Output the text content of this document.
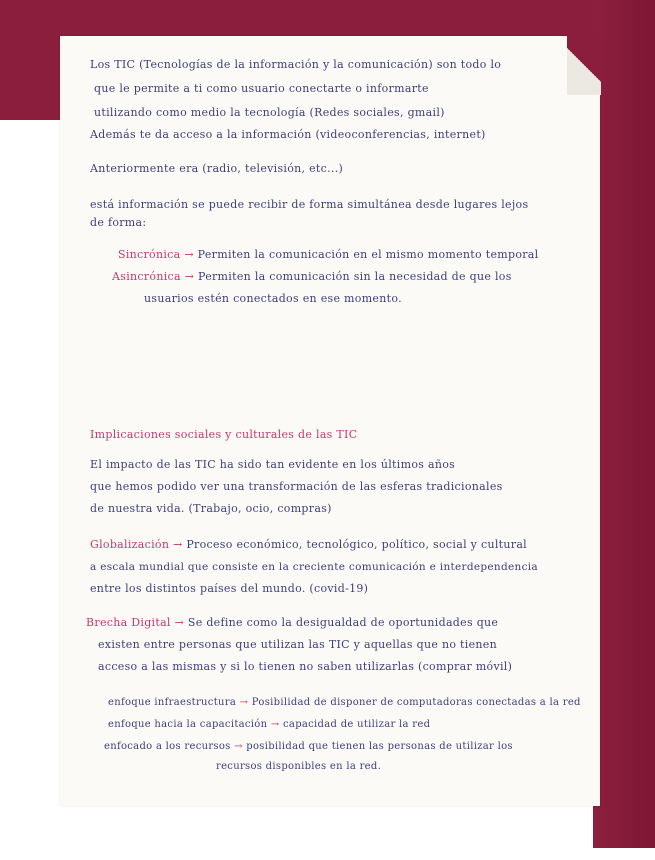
Los TIC (Tecnologías de la información y la comunicación) son todo lo

que le permite a ti como usuario conectarte o informarte

utilizando como medio la tecnología (Redes sociales, gmail)

Además te da acceso a la información (videoconferencias, internet)

Anteriormente era (radio, televisión, etc...)

está información se puede recibir de forma simultánea desde lugares lejos

de forma:

Sincrónica → Permiten la comunicación en el mismo momento temporal

Asincrónica → Permiten la comunicación sin la necesidad de que los

usuarios estén conectados en ese momento.

Implicaciones sociales y culturales de las TIC

El impacto de las TIC ha sido tan evidente en los últimos años

que hemos podido ver una transformación de las esferas tradicionales

de nuestra vida. (Trabajo, ocio, compras)

Globalización → Proceso económico, tecnológico, político, social y cultural

a escala mundial que consiste en la creciente comunicación e interdependencia

entre los distintos países del mundo. (covid-19)

Brecha Digital → Se define como la desigualdad de oportunidades que

existen entre personas que utilizan las TIC y aquellas que no tienen

acceso a las mismas y si lo tienen no saben utilizarlas (comprar móvil)

enfoque infraestructura → Posibilidad de disponer de computadoras conectadas a la red

enfoque hacia la capacitación → capacidad de utilizar la red

enfocado a los recursos → posibilidad que tienen las personas de utilizar los

recursos disponibles en la red.
